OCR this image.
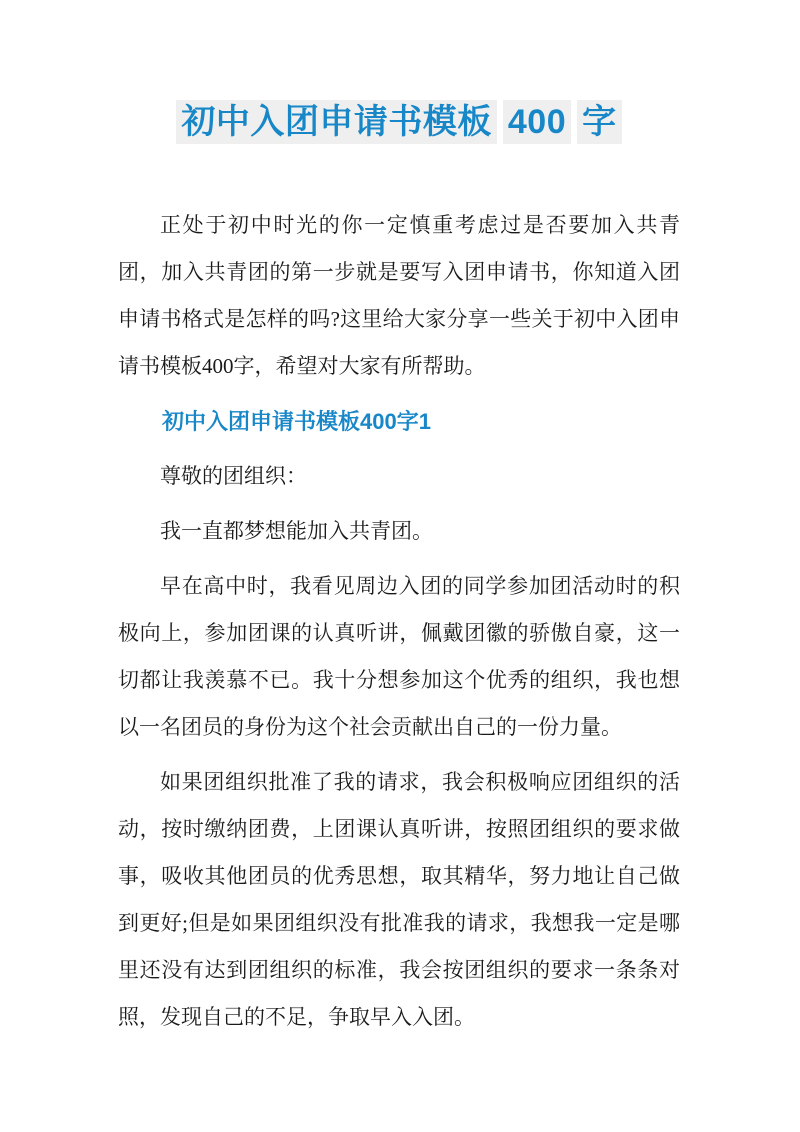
初中入团申请书模板 400 字

正处于初中时光的你一定慎重考虑过是否要加入共青团，加入共青团的第一步就是要写入团申请书，你知道入团申请书格式是怎样的吗?这里给大家分享一些关于初中入团申请书模板400字，希望对大家有所帮助。

初中入团申请书模板400字1

尊敬的团组织：

我一直都梦想能加入共青团。

早在高中时，我看见周边入团的同学参加团活动时的积极向上，参加团课的认真听讲，佩戴团徽的骄傲自豪，这一切都让我羡慕不已。我十分想参加这个优秀的组织，我也想以一名团员的身份为这个社会贡献出自己的一份力量。

如果团组织批准了我的请求，我会积极响应团组织的活动，按时缴纳团费，上团课认真听讲，按照团组织的要求做事，吸收其他团员的优秀思想，取其精华，努力地让自己做到更好;但是如果团组织没有批准我的请求，我想我一定是哪里还没有达到团组织的标准，我会按团组织的要求一条条对照，发现自己的不足，争取早入入团。
